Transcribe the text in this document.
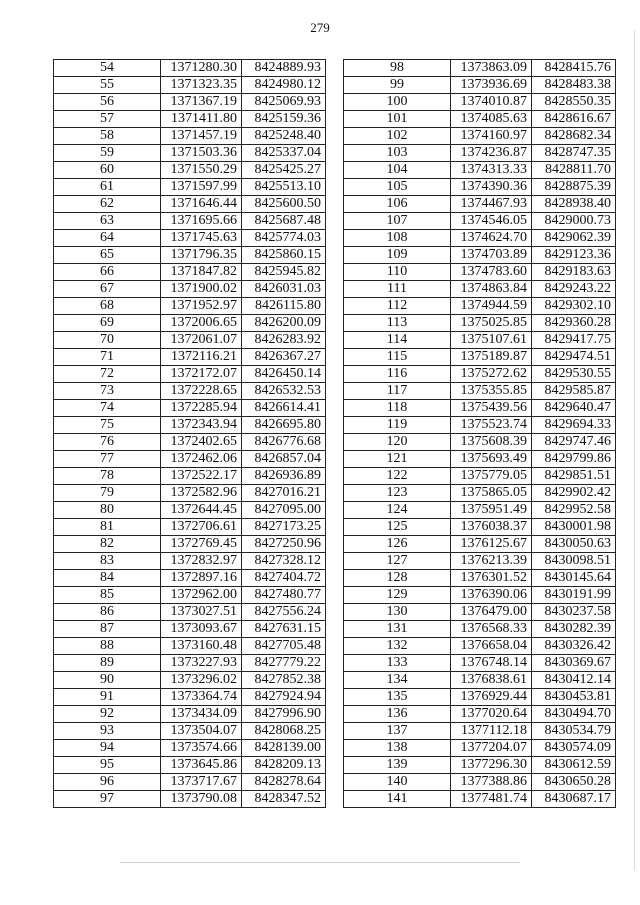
279
54	1371280.30	8424889.93
55	1371323.35	8424980.12
56	1371367.19	8425069.93
57	1371411.80	8425159.36
58	1371457.19	8425248.40
59	1371503.36	8425337.04
60	1371550.29	8425425.27
61	1371597.99	8425513.10
62	1371646.44	8425600.50
63	1371695.66	8425687.48
64	1371745.63	8425774.03
65	1371796.35	8425860.15
66	1371847.82	8425945.82
67	1371900.02	8426031.03
68	1371952.97	8426115.80
69	1372006.65	8426200.09
70	1372061.07	8426283.92
71	1372116.21	8426367.27
72	1372172.07	8426450.14
73	1372228.65	8426532.53
74	1372285.94	8426614.41
75	1372343.94	8426695.80
76	1372402.65	8426776.68
77	1372462.06	8426857.04
78	1372522.17	8426936.89
79	1372582.96	8427016.21
80	1372644.45	8427095.00
81	1372706.61	8427173.25
82	1372769.45	8427250.96
83	1372832.97	8427328.12
84	1372897.16	8427404.72
85	1372962.00	8427480.77
86	1373027.51	8427556.24
87	1373093.67	8427631.15
88	1373160.48	8427705.48
89	1373227.93	8427779.22
90	1373296.02	8427852.38
91	1373364.74	8427924.94
92	1373434.09	8427996.90
93	1373504.07	8428068.25
94	1373574.66	8428139.00
95	1373645.86	8428209.13
96	1373717.67	8428278.64
97	1373790.08	8428347.52
98	1373863.09	8428415.76
99	1373936.69	8428483.38
100	1374010.87	8428550.35
101	1374085.63	8428616.67
102	1374160.97	8428682.34
103	1374236.87	8428747.35
104	1374313.33	8428811.70
105	1374390.36	8428875.39
106	1374467.93	8428938.40
107	1374546.05	8429000.73
108	1374624.70	8429062.39
109	1374703.89	8429123.36
110	1374783.60	8429183.63
111	1374863.84	8429243.22
112	1374944.59	8429302.10
113	1375025.85	8429360.28
114	1375107.61	8429417.75
115	1375189.87	8429474.51
116	1375272.62	8429530.55
117	1375355.85	8429585.87
118	1375439.56	8429640.47
119	1375523.74	8429694.33
120	1375608.39	8429747.46
121	1375693.49	8429799.86
122	1375779.05	8429851.51
123	1375865.05	8429902.42
124	1375951.49	8429952.58
125	1376038.37	8430001.98
126	1376125.67	8430050.63
127	1376213.39	8430098.51
128	1376301.52	8430145.64
129	1376390.06	8430191.99
130	1376479.00	8430237.58
131	1376568.33	8430282.39
132	1376658.04	8430326.42
133	1376748.14	8430369.67
134	1376838.61	8430412.14
135	1376929.44	8430453.81
136	1377020.64	8430494.70
137	1377112.18	8430534.79
138	1377204.07	8430574.09
139	1377296.30	8430612.59
140	1377388.86	8430650.28
141	1377481.74	8430687.17
